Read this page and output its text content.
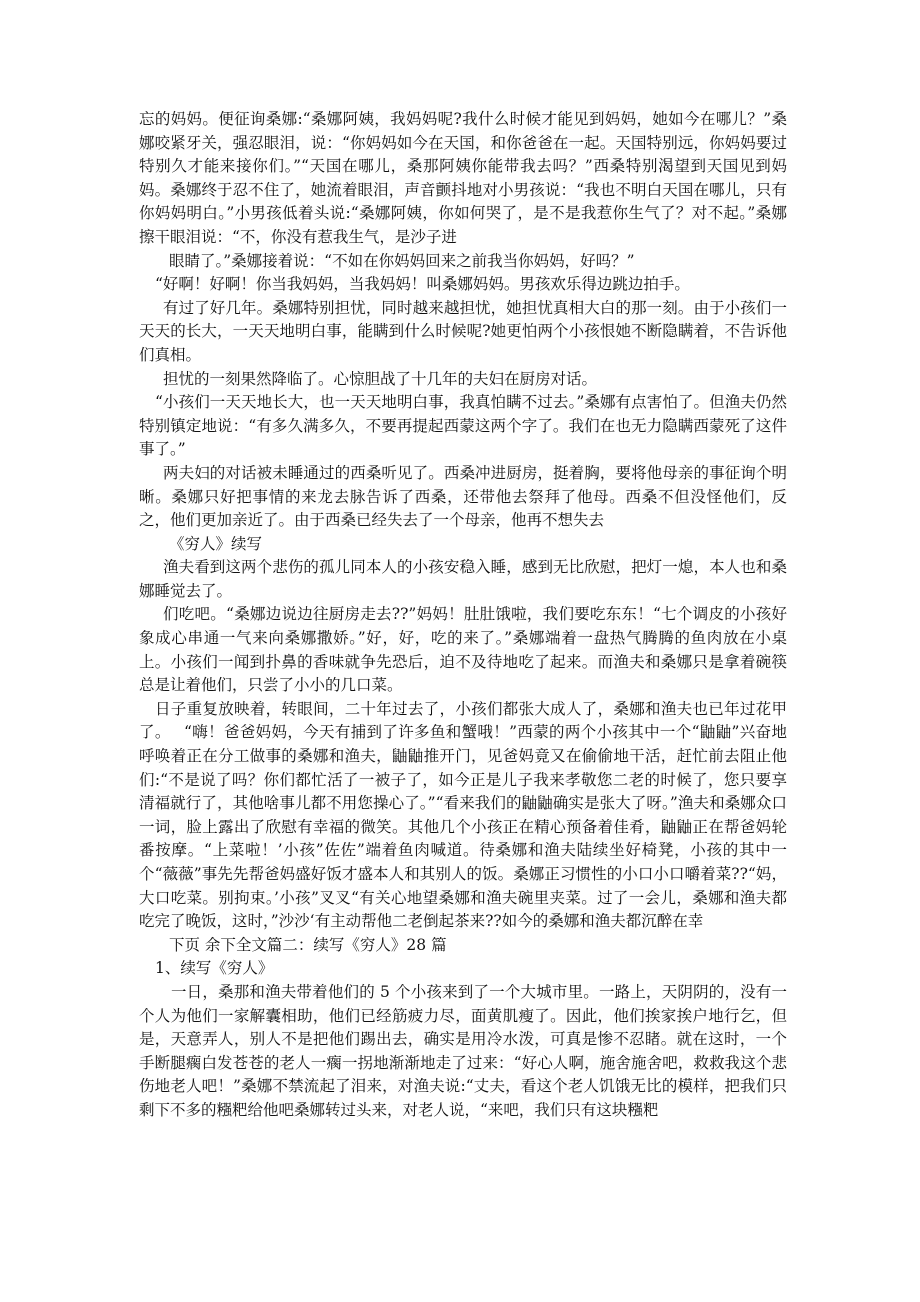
忘的妈妈。便征询桑娜:“桑娜阿姨，我妈妈呢?我什么时候才能见到妈妈，她如今在哪儿？”桑娜咬紧牙关，强忍眼泪，说：“你妈妈如今在天国，和你爸爸在一起。天国特别远，你妈妈要过特别久才能来接你们。”“天国在哪儿，桑那阿姨你能带我去吗？”西桑特别渴望到天国见到妈妈。桑娜终于忍不住了，她流着眼泪，声音颤抖地对小男孩说：“我也不明白天国在哪儿，只有你妈妈明白。”小男孩低着头说:“桑娜阿姨，你如何哭了，是不是我惹你生气了？对不起。”桑娜擦干眼泪说：“不，你没有惹我生气，是沙子进

眼睛了。”桑娜接着说：“不如在你妈妈回来之前我当你妈妈，好吗？”

“好啊！好啊！你当我妈妈，当我妈妈！叫桑娜妈妈。男孩欢乐得边跳边拍手。

有过了好几年。桑娜特别担忧，同时越来越担忧，她担忧真相大白的那一刻。由于小孩们一天天的长大，一天天地明白事，能瞒到什么时候呢?她更怕两个小孩恨她不断隐瞒着，不告诉他们真相。

担忧的一刻果然降临了。心惊胆战了十几年的夫妇在厨房对话。

“小孩们一天天地长大，也一天天地明白事，我真怕瞒不过去。”桑娜有点害怕了。但渔夫仍然特别镇定地说：“有多久满多久，不要再提起西蒙这两个字了。我们在也无力隐瞒西蒙死了这件事了。”

两夫妇的对话被未睡通过的西桑听见了。西桑冲进厨房，挺着胸，要将他母亲的事征询个明晰。桑娜只好把事情的来龙去脉告诉了西桑，还带他去祭拜了他母。西桑不但没怪他们，反之，他们更加亲近了。由于西桑已经失去了一个母亲，他再不想失去

《穷人》续写

渔夫看到这两个悲伤的孤儿同本人的小孩安稳入睡，感到无比欣慰，把灯一熄，本人也和桑娜睡觉去了。

们吃吧。“桑娜边说边往厨房走去??”妈妈！肚肚饿啦，我们要吃东东！“七个调皮的小孩好象成心串通一气来向桑娜撒娇。”好，好，吃的来了。”桑娜端着一盘热气腾腾的鱼肉放在小桌上。小孩们一闻到扑鼻的香味就争先恐后，迫不及待地吃了起来。而渔夫和桑娜只是拿着碗筷总是让着他们，只尝了小小的几口菜。

日子重复放映着，转眼间，二十年过去了，小孩们都张大成人了，桑娜和渔夫也已年过花甲了。　 “嗨！爸爸妈妈，今天有捕到了许多鱼和蟹哦！”西蒙的两个小孩其中一个“鼬鼬”兴奋地呼唤着正在分工做事的桑娜和渔夫，鼬鼬推开门，见爸妈竟又在偷偷地干活，赶忙前去阻止他们:“不是说了吗？你们都忙活了一被子了，如今正是儿子我来孝敬您二老的时候了，您只要享清福就行了，其他啥事儿都不用您操心了。”“看来我们的鼬鼬确实是张大了呀。”渔夫和桑娜众口一词，脸上露出了欣慰有幸福的微笑。其他几个小孩正在精心预备着佳肴，鼬鼬正在帮爸妈轮番按摩。“上菜啦！’小孩”佐佐”端着鱼肉喊道。待桑娜和渔夫陆续坐好椅凳，小孩的其中一个“薇薇”事先先帮爸妈盛好饭才盛本人和其别人的饭。桑娜正习惯性的小口小口嚼着菜??“妈，大口吃菜。别拘束。’小孩”叉叉“有关心地望桑娜和渔夫碗里夹菜。过了一会儿，桑娜和渔夫都吃完了晚饭，这时，”沙沙‘有主动帮他二老倒起茶来??如今的桑娜和渔夫都沉醉在幸

下页 余下全文篇二：续写《穷人》28 篇

1、续写《穷人》

一日，桑那和渔夫带着他们的 5 个小孩来到了一个大城市里。一路上，天阴阴的，没有一个人为他们一家解囊相助，他们已经筋疲力尽，面黄肌瘦了。因此，他们挨家挨户地行乞，但是，天意弄人，别人不是把他们踢出去，确实是用冷水泼，可真是惨不忍睹。就在这时，一个手断腿瘸白发苍苍的老人一瘸一拐地渐渐地走了过来：“好心人啊，施舍施舍吧，救救我这个悲伤地老人吧！”桑娜不禁流起了泪来，对渔夫说:“丈夫，看这个老人饥饿无比的模样，把我们只剩下不多的糨粑给他吧桑娜转过头来，对老人说，“来吧，我们只有这块糨粑
